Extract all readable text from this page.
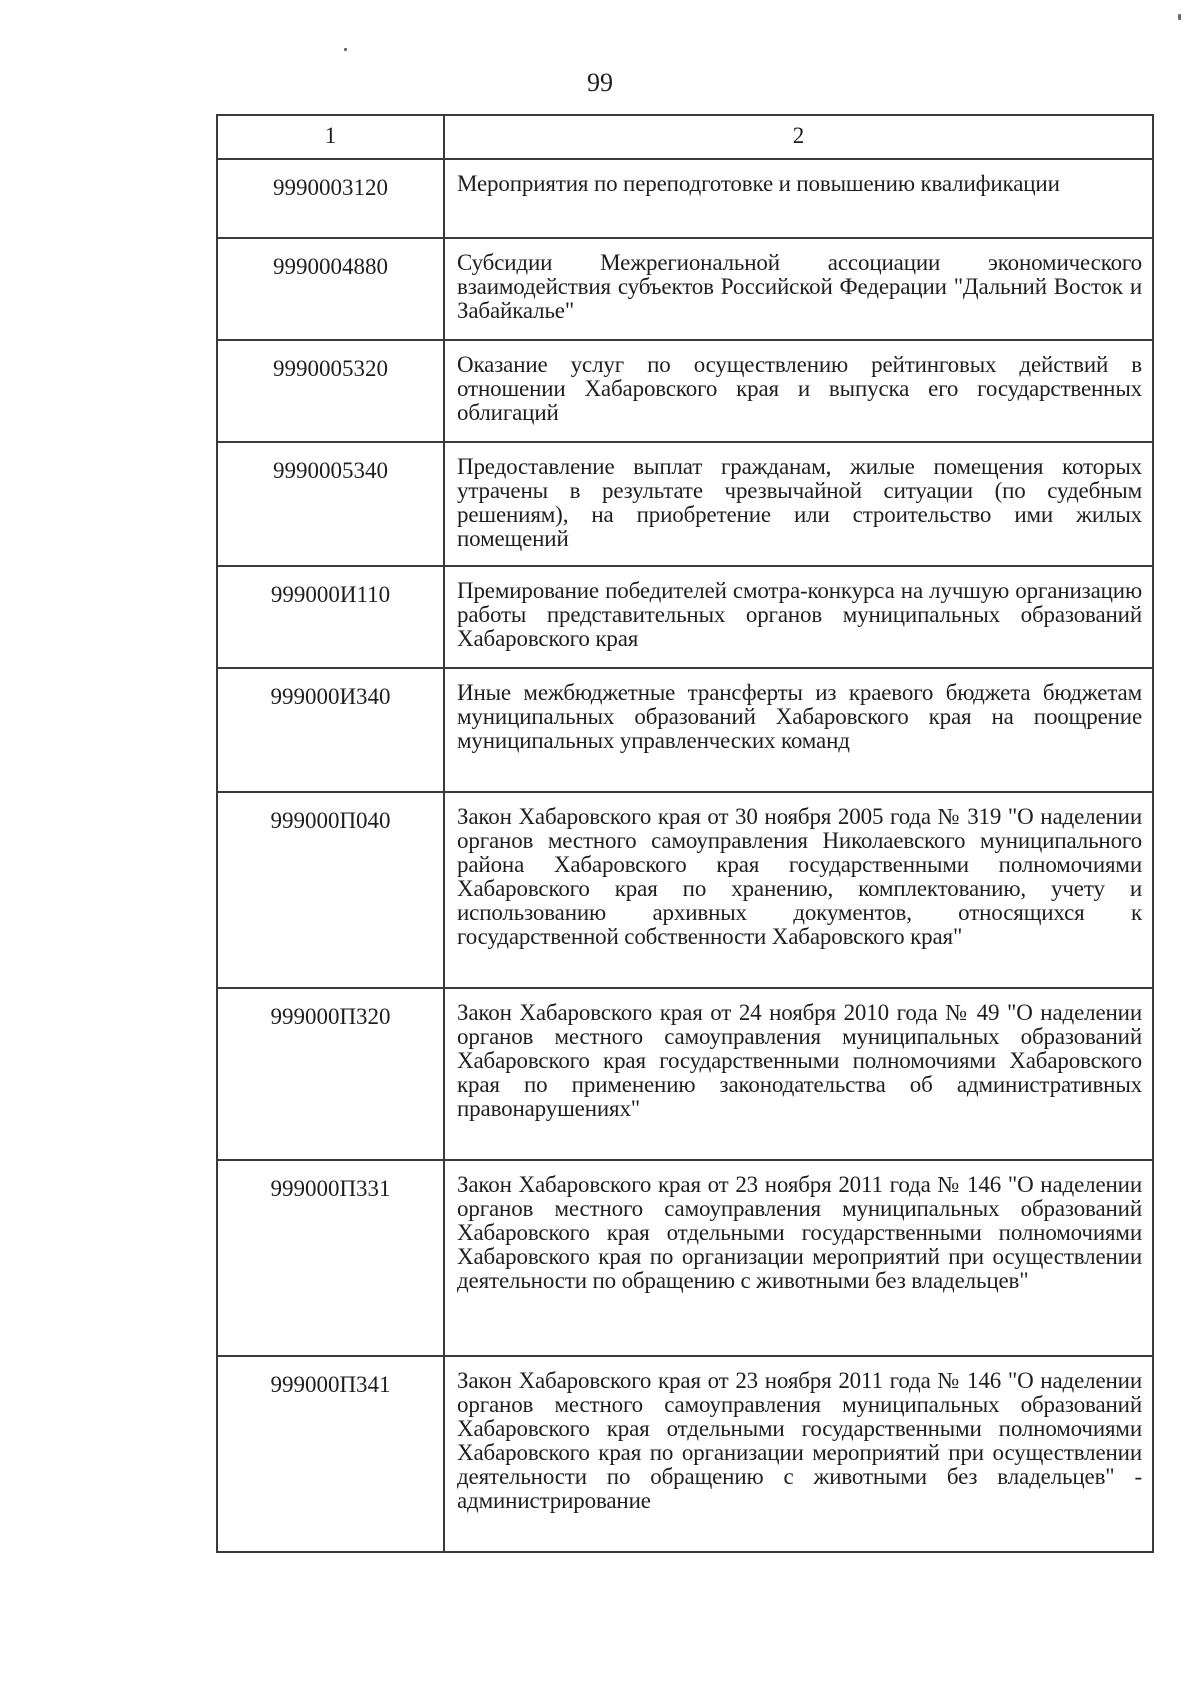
99
1	2
9990003120	Мероприятия по переподготовке и повышению квалификации
9990004880	Субсидии Межрегиональной ассоциации экономического взаимодействия субъектов Российской Федерации "Дальний Восток и Забайкалье"
9990005320	Оказание услуг по осуществлению рейтинговых действий в отношении Хабаровского края и выпуска его государственных облигаций
9990005340	Предоставление выплат гражданам, жилые помещения которых утрачены в результате чрезвычайной ситуации (по судебным решениям), на приобретение или строительство ими жилых помещений
999000И110	Премирование победителей смотра-конкурса на лучшую организацию работы представительных органов муниципальных образований Хабаровского края
999000И340	Иные межбюджетные трансферты из краевого бюджета бюджетам муниципальных образований Хабаровского края на поощрение муниципальных управленческих команд
999000П040	Закон Хабаровского края от 30 ноября 2005 года № 319 "О наделении органов местного самоуправления Николаевского муниципального района Хабаровского края государственными полномочиями Хабаровского края по хранению, комплектованию, учету и использованию архивных документов, относящихся к государственной собственности Хабаровского края"
999000П320	Закон Хабаровского края от 24 ноября 2010 года № 49 "О наделении органов местного самоуправления муниципальных образований Хабаровского края государственными полномочиями Хабаровского края по применению законодательства об административных правонарушениях"
999000П331	Закон Хабаровского края от 23 ноября 2011 года № 146 "О наделении органов местного самоуправления муниципальных образований Хабаровского края отдельными государственными полномочиями Хабаровского края по организации мероприятий при осуществлении деятельности по обращению с животными без владельцев"
999000П341	Закон Хабаровского края от 23 ноября 2011 года № 146 "О наделении органов местного самоуправления муниципальных образований Хабаровского края отдельными государственными полномочиями Хабаровского края по организации мероприятий при осуществлении деятельности по обращению с животными без владельцев" - администрирование
